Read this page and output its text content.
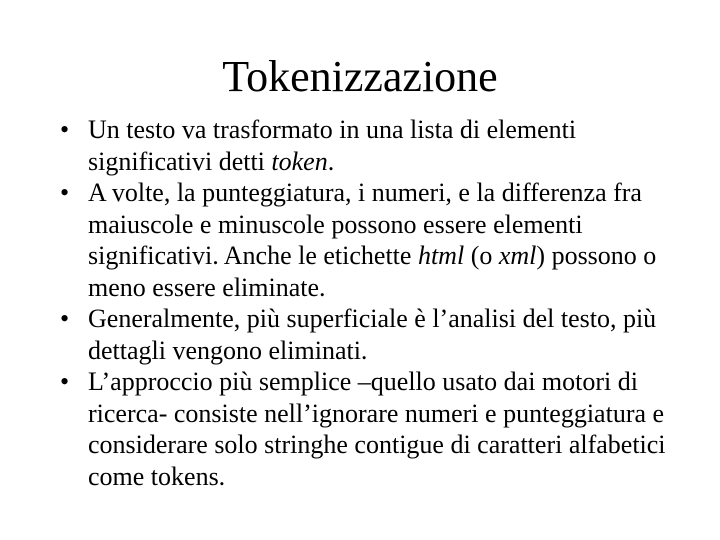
Tokenizzazione
• Un testo va trasformato in una lista di elementi significativi detti token.
• A volte, la punteggiatura, i numeri, e la differenza fra maiuscole e minuscole possono essere elementi significativi. Anche le etichette html (o xml) possono o meno essere eliminate.
• Generalmente, più superficiale è l’analisi del testo, più dettagli vengono eliminati.
• L’approccio più semplice –quello usato dai motori di ricerca- consiste nell’ignorare numeri e punteggiatura e considerare solo stringhe contigue di caratteri alfabetici come tokens.
